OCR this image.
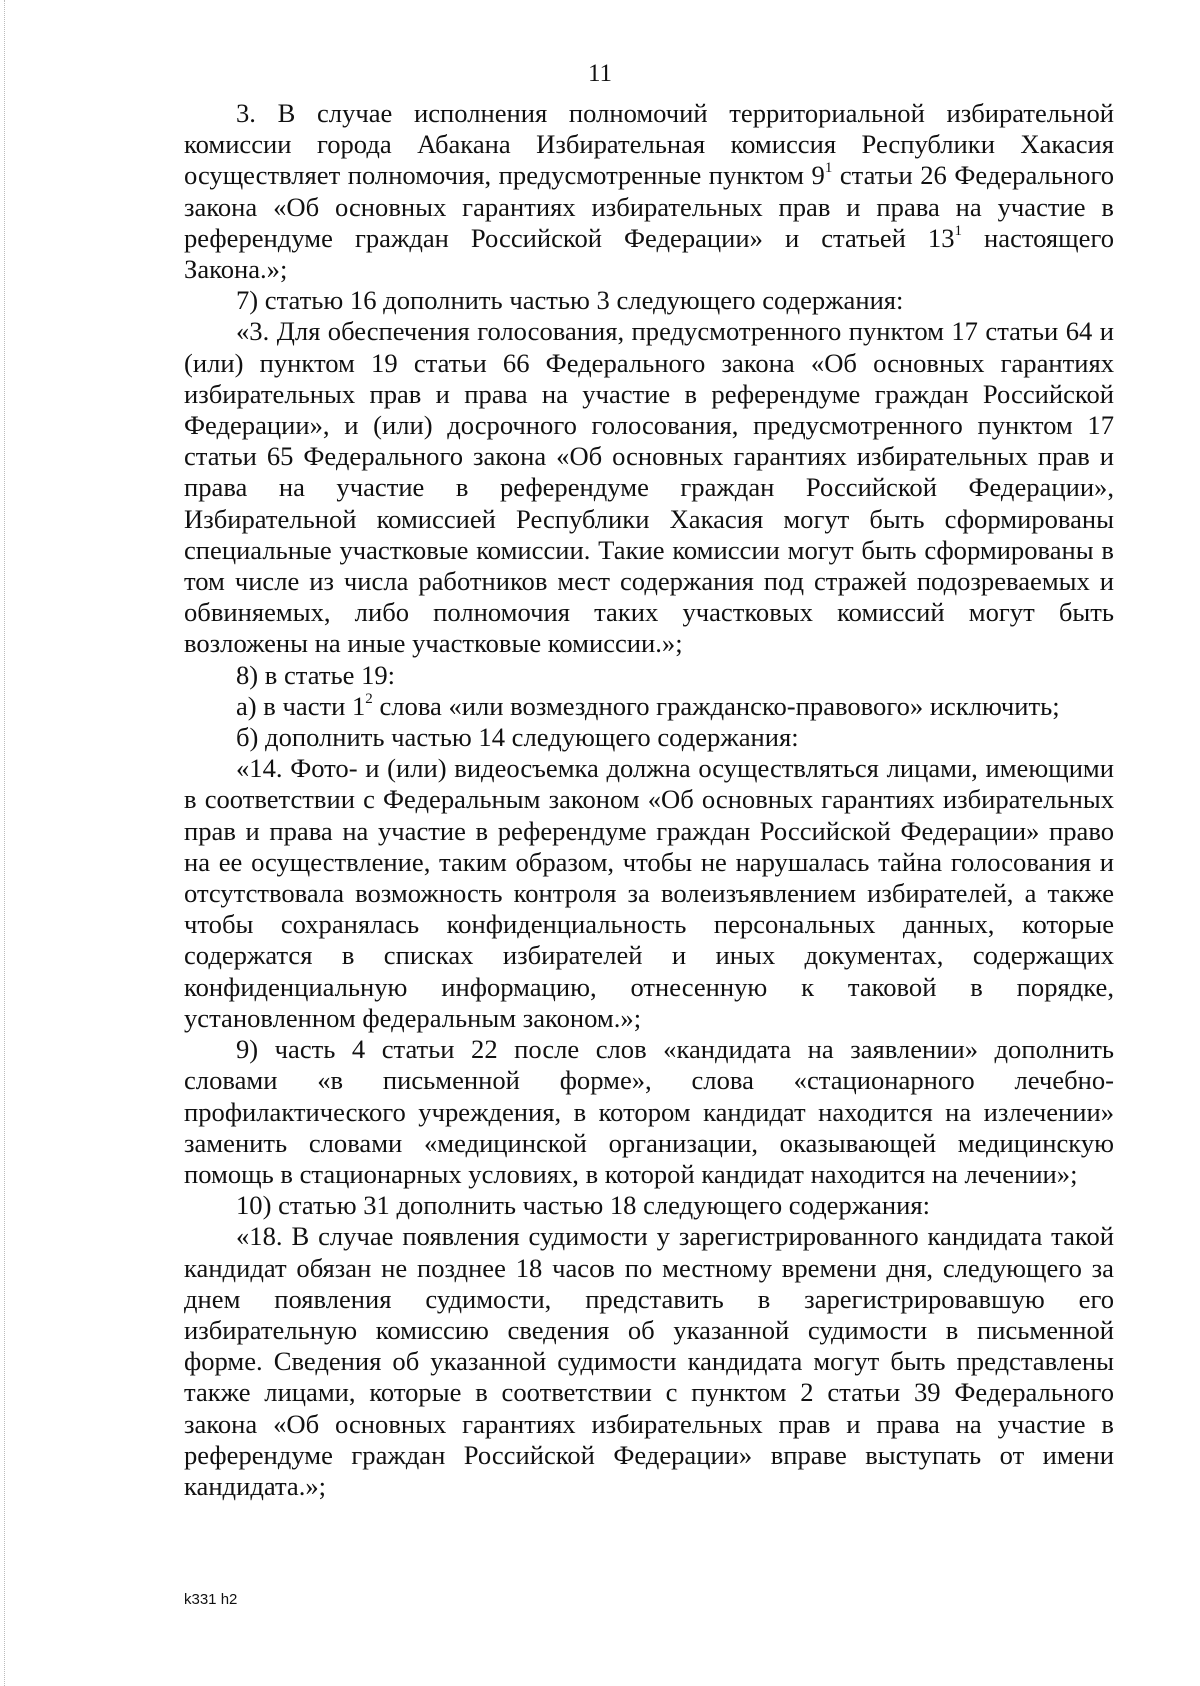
11

3. В случае исполнения полномочий территориальной избирательной комиссии города Абакана Избирательная комиссия Республики Хакасия осуществляет полномочия, предусмотренные пунктом $9^1$ статьи 26 Федерального закона «Об основных гарантиях избирательных прав и права на участие в референдуме граждан Российской Федерации» и статьей $13^1$ настоящего Закона.»;

7) статью 16 дополнить частью 3 следующего содержания:

«3. Для обеспечения голосования, предусмотренного пунктом 17 статьи 64 и (или) пунктом 19 статьи 66 Федерального закона «Об основных гарантиях избирательных прав и права на участие в референдуме граждан Российской Федерации», и (или) досрочного голосования, предусмотренного пунктом 17 статьи 65 Федерального закона «Об основных гарантиях избирательных прав и права на участие в референдуме граждан Российской Федерации», Избирательной комиссией Республики Хакасия могут быть сформированы специальные участковые комиссии. Такие комиссии могут быть сформированы в том числе из числа работников мест содержания под стражей подозреваемых и обвиняемых, либо полномочия таких участковых комиссий могут быть возложены на иные участковые комиссии.»;

8) в статье 19:

а) в части $1^2$ слова «или возмездного гражданско-правового» исключить;

б) дополнить частью 14 следующего содержания:

«14. Фото- и (или) видеосъемка должна осуществляться лицами, имеющими в соответствии с Федеральным законом «Об основных гарантиях избирательных прав и права на участие в референдуме граждан Российской Федерации» право на ее осуществление, таким образом, чтобы не нарушалась тайна голосования и отсутствовала возможность контроля за волеизъявлением избирателей, а также чтобы сохранялась конфиденциальность персональных данных, которые содержатся в списках избирателей и иных документах, содержащих конфиденциальную информацию, отнесенную к таковой в порядке, установленном федеральным законом.»;

9) часть 4 статьи 22 после слов «кандидата на заявлении» дополнить словами «в письменной форме», слова «стационарного лечебно-профилактического учреждения, в котором кандидат находится на излечении» заменить словами «медицинской организации, оказывающей медицинскую помощь в стационарных условиях, в которой кандидат находится на лечении»;

10) статью 31 дополнить частью 18 следующего содержания:

«18. В случае появления судимости у зарегистрированного кандидата такой кандидат обязан не позднее 18 часов по местному времени дня, следующего за днем появления судимости, представить в зарегистрировавшую его избирательную комиссию сведения об указанной судимости в письменной форме. Сведения об указанной судимости кандидата могут быть представлены также лицами, которые в соответствии с пунктом 2 статьи 39 Федерального закона «Об основных гарантиях избирательных прав и права на участие в референдуме граждан Российской Федерации» вправе выступать от имени кандидата.»;

k331 h2
